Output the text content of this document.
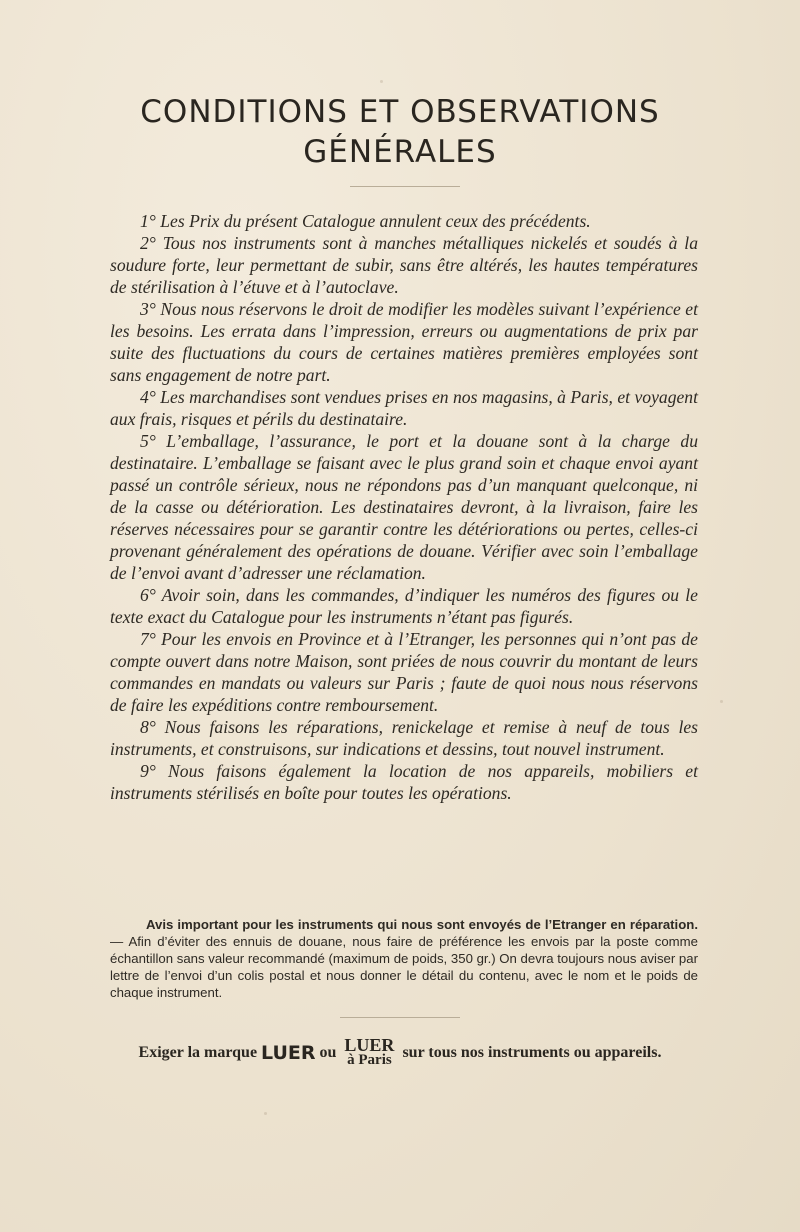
CONDITIONS ET OBSERVATIONS
GÉNÉRALES

1° Les Prix du présent Catalogue annulent ceux des précédents.

2° Tous nos instruments sont à manches métalliques nickelés et soudés à la soudure forte, leur permettant de subir, sans être altérés, les hautes températures de stérilisation à l’étuve et à l’autoclave.

3° Nous nous réservons le droit de modifier les modèles suivant l’expérience et les besoins. Les errata dans l’impression, erreurs ou augmentations de prix par suite des fluctuations du cours de certaines matières premières employées sont sans engagement de notre part.

4° Les marchandises sont vendues prises en nos magasins, à Paris, et voyagent aux frais, risques et périls du destinataire.

5° L’emballage, l’assurance, le port et la douane sont à la charge du destinataire. L’emballage se faisant avec le plus grand soin et chaque envoi ayant passé un contrôle sérieux, nous ne répondons pas d’un manquant quelconque, ni de la casse ou détérioration. Les destinataires devront, à la livraison, faire les réserves nécessaires pour se garantir contre les détériorations ou pertes, celles-ci provenant généralement des opérations de douane. Vérifier avec soin l’emballage de l’envoi avant d’adresser une réclamation.

6° Avoir soin, dans les commandes, d’indiquer les numéros des figures ou le texte exact du Catalogue pour les instruments n’étant pas figurés.

7° Pour les envois en Province et à l’Etranger, les personnes qui n’ont pas de compte ouvert dans notre Maison, sont priées de nous couvrir du montant de leurs commandes en mandats ou valeurs sur Paris ; faute de quoi nous nous réservons de faire les expéditions contre remboursement.

8° Nous faisons les réparations, renickelage et remise à neuf de tous les instruments, et construisons, sur indications et dessins, tout nouvel instrument.

9° Nous faisons également la location de nos appareils, mobiliers et instruments stérilisés en boîte pour toutes les opérations.

Avis important pour les instruments qui nous sont envoyés de l’Etranger en réparation. — Afin d’éviter des ennuis de douane, nous faire de préférence les envois par la poste comme échantillon sans valeur recommandé (maximum de poids, 350 gr.) On devra toujours nous aviser par lettre de l’envoi d’un colis postal et nous donner le détail du contenu, avec le nom et le poids de chaque instrument.

Exiger la marque LUER ou LUER
à Paris sur tous nos instruments ou appareils.
